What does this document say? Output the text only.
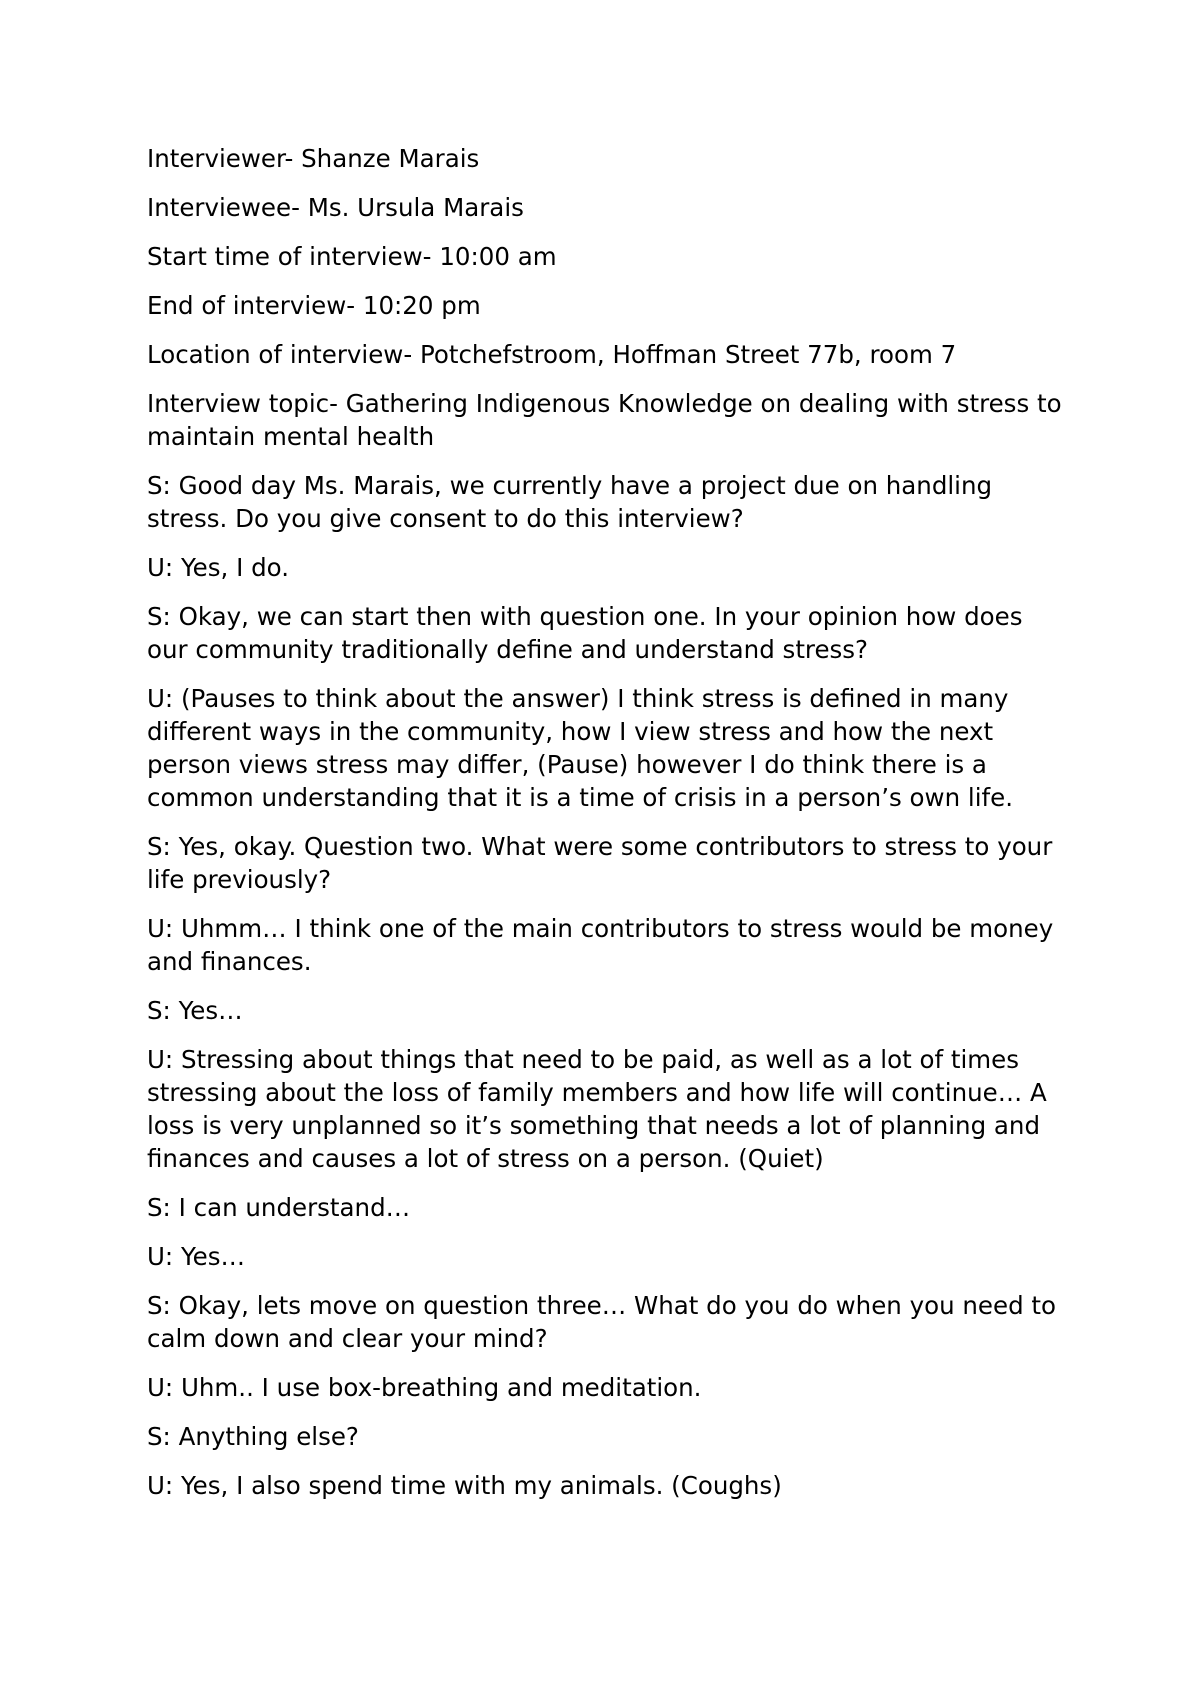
Interviewer- Shanze Marais

Interviewee- Ms. Ursula Marais

Start time of interview- 10:00 am

End of interview- 10:20 pm

Location of interview- Potchefstroom, Hoffman Street 77b, room 7

Interview topic- Gathering Indigenous Knowledge on dealing with stress to maintain mental health

S: Good day Ms. Marais, we currently have a project due on handling stress. Do you give consent to do this interview?

U: Yes, I do.

S: Okay, we can start then with question one. In your opinion how does our community traditionally define and understand stress?

U: (Pauses to think about the answer) I think stress is defined in many different ways in the community, how I view stress and how the next person views stress may differ, (Pause) however I do think there is a common understanding that it is a time of crisis in a person’s own life.

S: Yes, okay. Question two. What were some contributors to stress to your life previously?

U: Uhmm… I think one of the main contributors to stress would be money and finances.

S: Yes…

U: Stressing about things that need to be paid, as well as a lot of times stressing about the loss of family members and how life will continue… A loss is very unplanned so it’s something that needs a lot of planning and finances and causes a lot of stress on a person. (Quiet)

S: I can understand…

U: Yes…

S: Okay, lets move on question three… What do you do when you need to calm down and clear your mind?

U: Uhm.. I use box-breathing and meditation.

S: Anything else?

U: Yes, I also spend time with my animals. (Coughs)
